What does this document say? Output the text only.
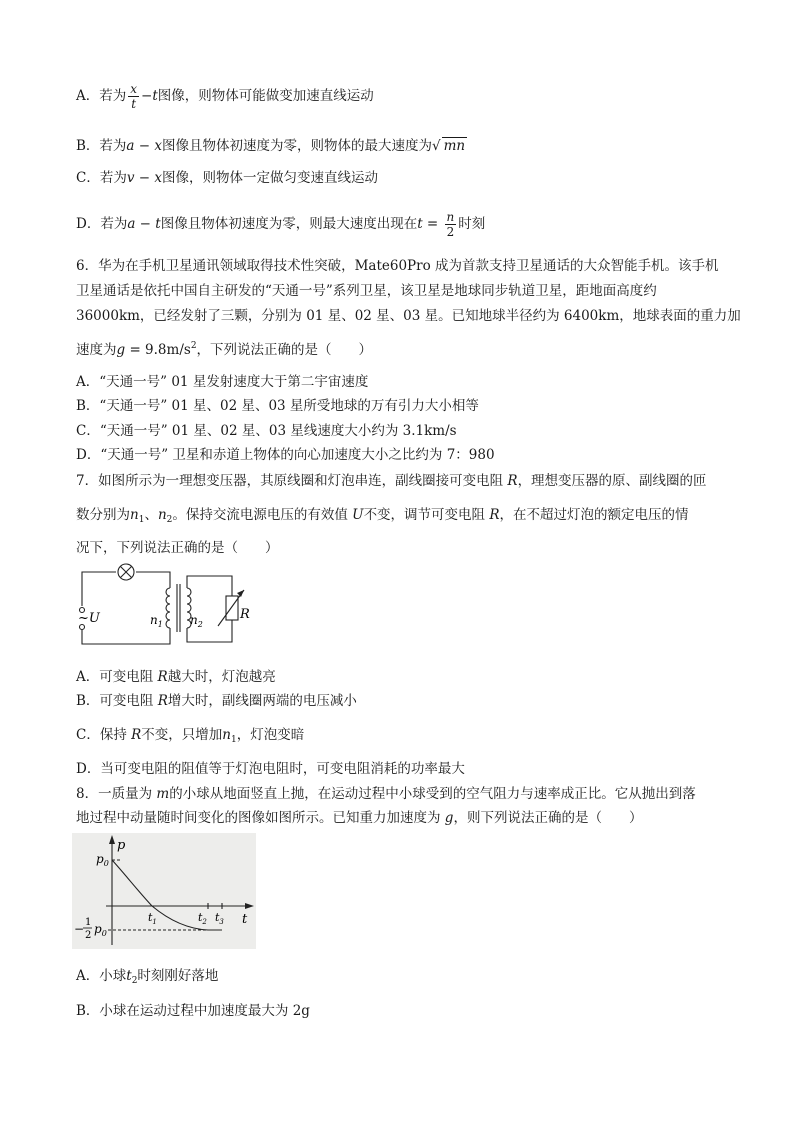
A．若为 $\frac{x}{t} -t$图像，则物体可能做变加速直线运动
B．若为a − x图像且物体初速度为零，则物体的最大速度为√ mn
C．若为v − x图像，则物体一定做匀变速直线运动
D．若为a − t图像且物体初速度为零，则最大速度出现在$t = \frac{n}{2}$ 时刻
6．华为在手机卫星通讯领域取得技术性突破，Mate60Pro 成为首款支持卫星通话的大众智能手机。该手机
卫星通话是依托中国自主研发的“天通一号”系列卫星，该卫星是地球同步轨道卫星，距地面高度约
36000km，已经发射了三颗，分别为 01 星、02 星、03 星。已知地球半径约为 6400km，地球表面的重力加
速度为$g = 9.8m/s^2$，下列说法正确的是（　　）
A．“天通一号” 01 星发射速度大于第二宇宙速度
B．“天通一号” 01 星、02 星、03 星所受地球的万有引力大小相等
C．“天通一号” 01 星、02 星、03 星线速度大小约为 3.1km/s
D．“天通一号” 卫星和赤道上物体的向心加速度大小之比约为 7：980
7．如图所示为一理想变压器，其原线圈和灯泡串连，副线圈接可变电阻 R，理想变压器的原、副线圈的匝
数分别为$n_1$、$n_2$。保持交流电源电压的有效值 U不变，调节可变电阻 R，在不超过灯泡的额定电压的情
况下，下列说法正确的是（　　）
~U	$n_1$ $n_2$
R
A．可变电阻 R越大时，灯泡越亮
B．可变电阻 R增大时，副线圈两端的电压减小
C．保持 R不变，只增加$n_1$，灯泡变暗
D．当可变电阻的阻值等于灯泡电阻时，可变电阻消耗的功率最大
8．一质量为 m的小球从地面竖直上抛，在运动过程中小球受到的空气阻力与速率成正比。它从抛出到落
地过程中动量随时间变化的图像如图所示。已知重力加速度为 g，则下列说法正确的是（　　）
p
$p_0$
t
$t_1$	$t_2$ $t_3$
− 1
2 $p_0$
A．小球$t_2$时刻刚好落地
B．小球在运动过程中加速度最大为 2g
